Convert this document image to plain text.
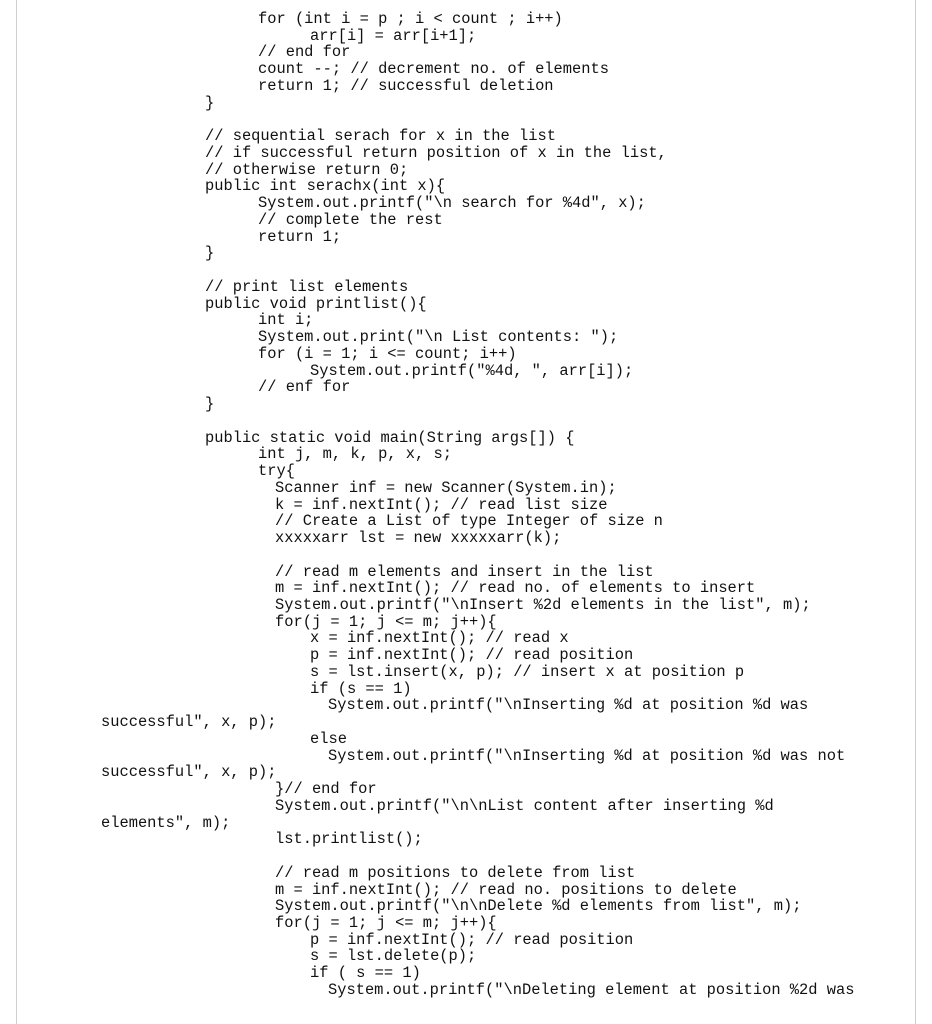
for (int i = p ; i < count ; i++)
arr[i] = arr[i+1];
// end for
count --; // decrement no. of elements
return 1; // successful deletion
}
// sequential serach for x in the list
// if successful return position of x in the list,
// otherwise return 0;
public int serachx(int x){
System.out.printf("\n search for %4d", x);
// complete the rest
return 1;
}
// print list elements
public void printlist(){
int i;
System.out.print("\n List contents: ");
for (i = 1; i <= count; i++)
System.out.printf("%4d, ", arr[i]);
// enf for
}
public static void main(String args[]) {
int j, m, k, p, x, s;
try{
Scanner inf = new Scanner(System.in);
k = inf.nextInt(); // read list size
// Create a List of type Integer of size n
xxxxxarr lst = new xxxxxarr(k);
// read m elements and insert in the list
m = inf.nextInt(); // read no. of elements to insert
System.out.printf("\nInsert %2d elements in the list", m);
for(j = 1; j <= m; j++){
x = inf.nextInt(); // read x
p = inf.nextInt(); // read position
s = lst.insert(x, p); // insert x at position p
if (s == 1)
System.out.printf("\nInserting %d at position %d was
successful", x, p);
else
System.out.printf("\nInserting %d at position %d was not
successful", x, p);
}// end for
System.out.printf("\n\nList content after inserting %d
elements", m);
lst.printlist();
// read m positions to delete from list
m = inf.nextInt(); // read no. positions to delete
System.out.printf("\n\nDelete %d elements from list", m);
for(j = 1; j <= m; j++){
p = inf.nextInt(); // read position
s = lst.delete(p);
if ( s == 1)
System.out.printf("\nDeleting element at position %2d was
